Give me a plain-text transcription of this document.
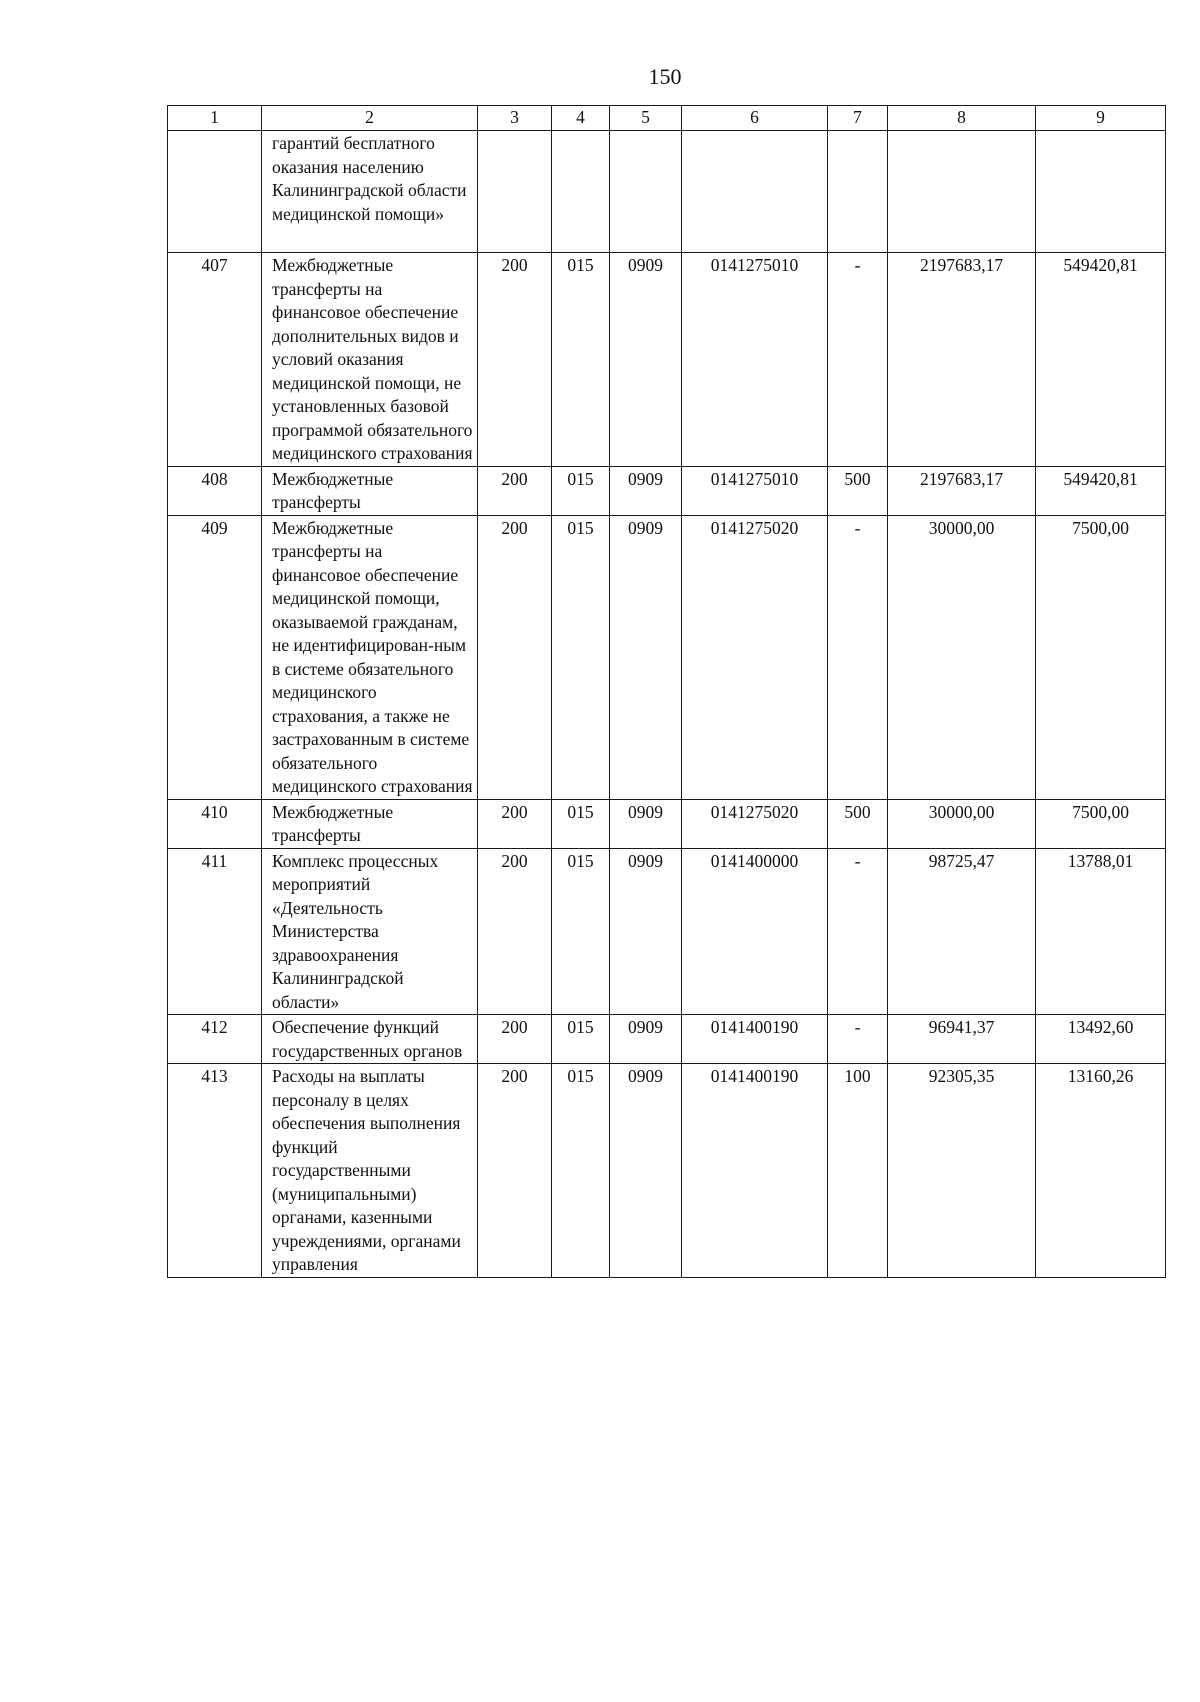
150
1	2	3	4	5	6	7	8	9
	гарантий бесплатного оказания населению Калининградской области медицинской помощи»							
407	Межбюджетные трансферты на финансовое обеспечение дополнительных видов и условий оказания медицинской помощи, не установленных базовой программой обязательного медицинского страхования	200	015	0909	0141275010	-	2197683,17	549420,81
408	Межбюджетные трансферты	200	015	0909	0141275010	500	2197683,17	549420,81
409	Межбюджетные трансферты на финансовое обеспечение медицинской помощи, оказываемой гражданам, не идентифицирован-ным в системе обязательного медицинского страхования, а также не застрахованным в системе обязательного медицинского страхования	200	015	0909	0141275020	-	30000,00	7500,00
410	Межбюджетные трансферты	200	015	0909	0141275020	500	30000,00	7500,00
411	Комплекс процессных мероприятий «Деятельность Министерства здравоохранения Калининградской области»	200	015	0909	0141400000	-	98725,47	13788,01
412	Обеспечение функций государственных органов	200	015	0909	0141400190	-	96941,37	13492,60
413	Расходы на выплаты персоналу в целях обеспечения выполнения функций государственными (муниципальными) органами, казенными учреждениями, органами управления	200	015	0909	0141400190	100	92305,35	13160,26
